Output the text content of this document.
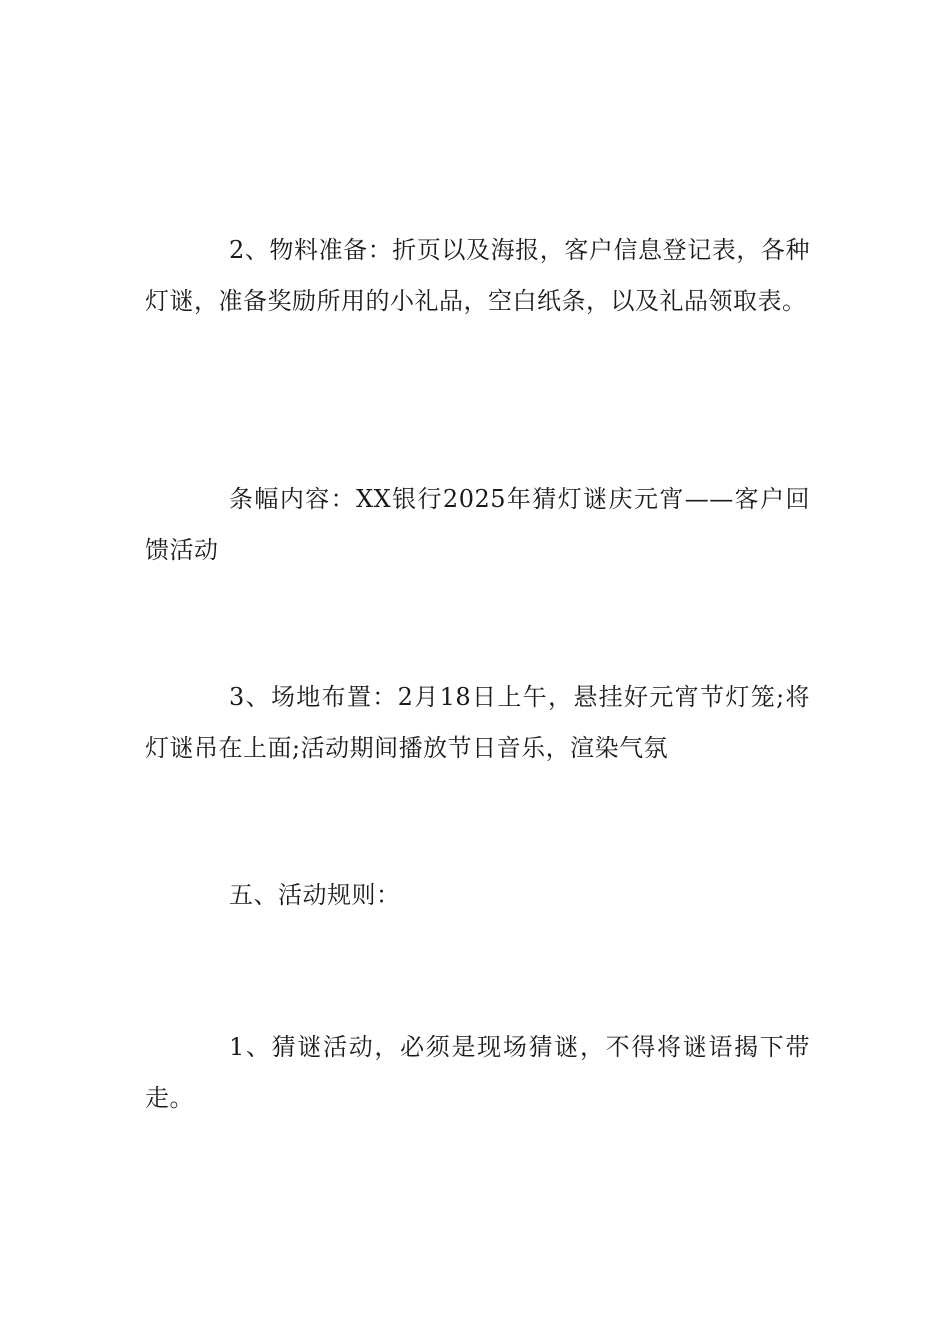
2、物料准备：折页以及海报，客户信息登记表，各种灯谜，准备奖励所用的小礼品，空白纸条，以及礼品领取表。

条幅内容：XX银行2025年猜灯谜庆元宵——客户回馈活动

3、场地布置：2月18日上午，悬挂好元宵节灯笼;将灯谜吊在上面;活动期间播放节日音乐，渲染气氛

五、活动规则：

1、猜谜活动，必须是现场猜谜，不得将谜语揭下带走。
